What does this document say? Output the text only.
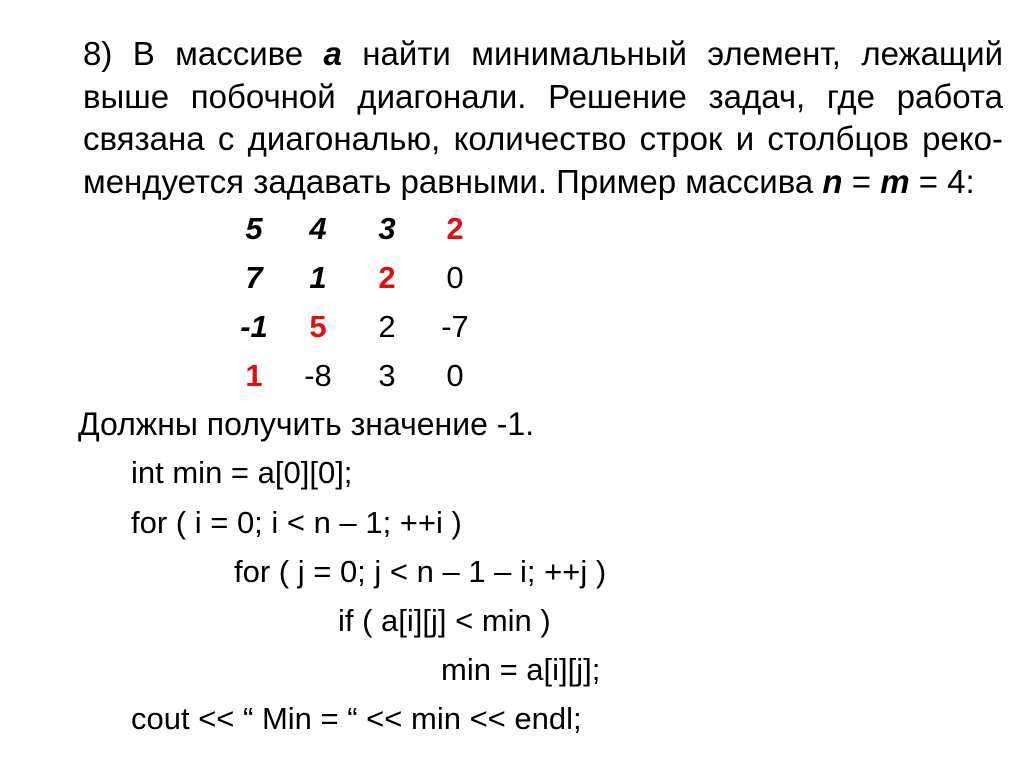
8) В массиве a найти минимальный элемент, лежащий
выше побочной диагонали. Решение задач, где работа
связана с диагональю, количество строк и столбцов реко-
мендуется задавать равными. Пример массива n = m = 4:
5	4	3	2
7	1	2	0
-1	5	2	-7
1	-8	3	0
Должны получить значение -1.
int min = a[0][0];
for ( i = 0; i < n – 1; ++i )
for ( j = 0; j < n – 1 – i; ++j )
if ( a[i][j] < min )
min = a[i][j];
cout << “ Min = “ << min << endl;
